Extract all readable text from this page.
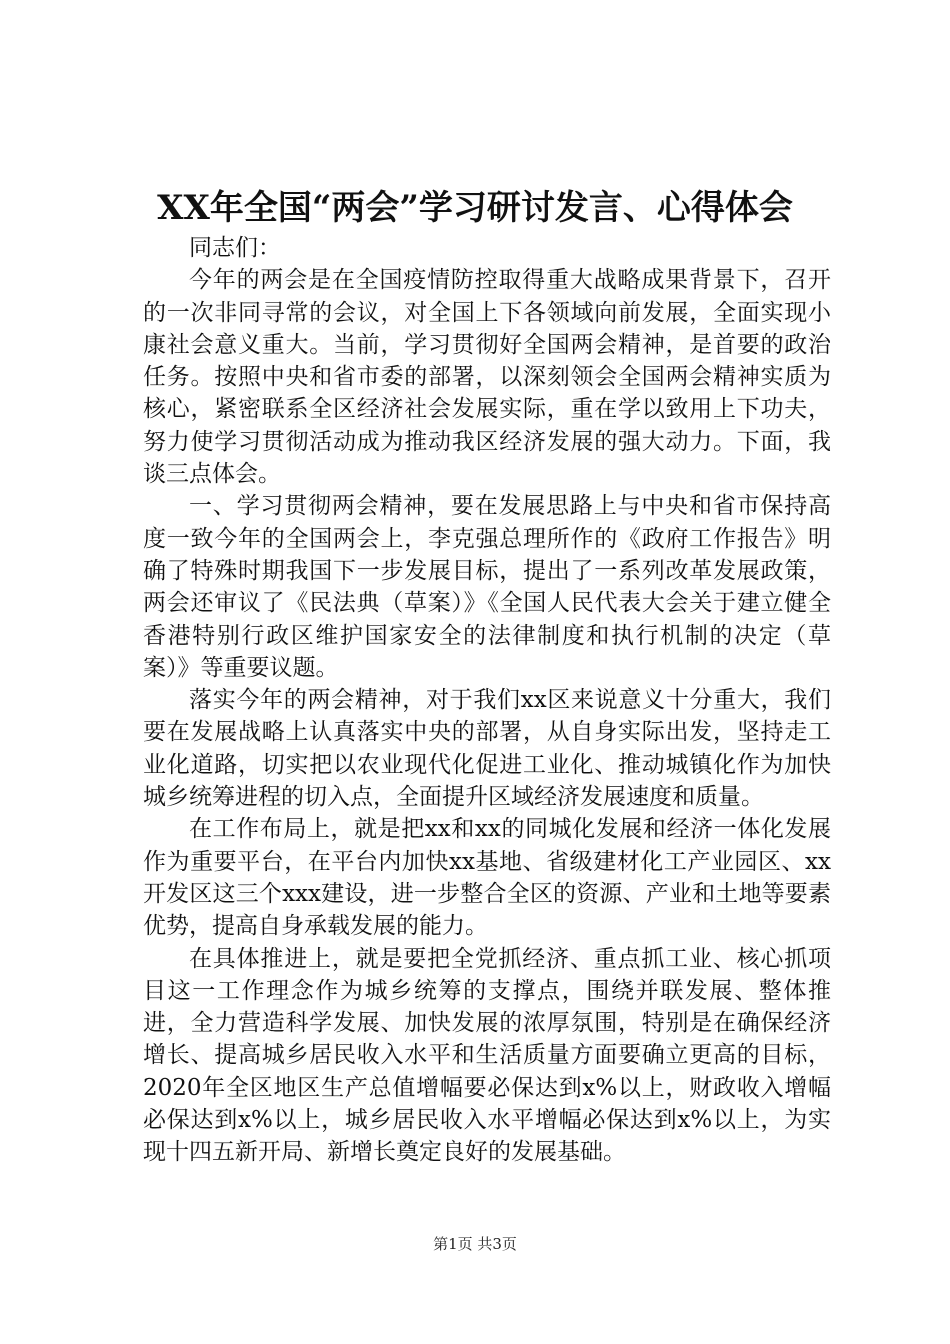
XX年全国“两会”学习研讨发言、心得体会

同志们：

今年的两会是在全国疫情防控取得重大战略成果背景下，召开的一次非同寻常的会议，对全国上下各领域向前发展，全面实现小康社会意义重大。当前，学习贯彻好全国两会精神，是首要的政治任务。按照中央和省市委的部署，以深刻领会全国两会精神实质为核心，紧密联系全区经济社会发展实际，重在学以致用上下功夫，努力使学习贯彻活动成为推动我区经济发展的强大动力。下面，我谈三点体会。

一、学习贯彻两会精神，要在发展思路上与中央和省市保持高度一致今年的全国两会上，李克强总理所作的《政府工作报告》明确了特殊时期我国下一步发展目标，提出了一系列改革发展政策，两会还审议了《民法典（草案）》《全国人民代表大会关于建立健全香港特别行政区维护国家安全的法律制度和执行机制的决定（草案）》等重要议题。

落实今年的两会精神，对于我们xx区来说意义十分重大，我们要在发展战略上认真落实中央的部署，从自身实际出发，坚持走工业化道路，切实把以农业现代化促进工业化、推动城镇化作为加快城乡统筹进程的切入点，全面提升区域经济发展速度和质量。

在工作布局上，就是把xx和xx的同城化发展和经济一体化发展作为重要平台，在平台内加快xx基地、省级建材化工产业园区、xx开发区这三个xxx建设，进一步整合全区的资源、产业和土地等要素优势，提高自身承载发展的能力。

在具体推进上，就是要把全党抓经济、重点抓工业、核心抓项目这一工作理念作为城乡统筹的支撑点，围绕并联发展、整体推进，全力营造科学发展、加快发展的浓厚氛围，特别是在确保经济增长、提高城乡居民收入水平和生活质量方面要确立更高的目标，2020年全区地区生产总值增幅要必保达到x%以上，财政收入增幅必保达到x%以上，城乡居民收入水平增幅必保达到x%以上，为实现十四五新开局、新增长奠定良好的发展基础。

第1页 共3页
